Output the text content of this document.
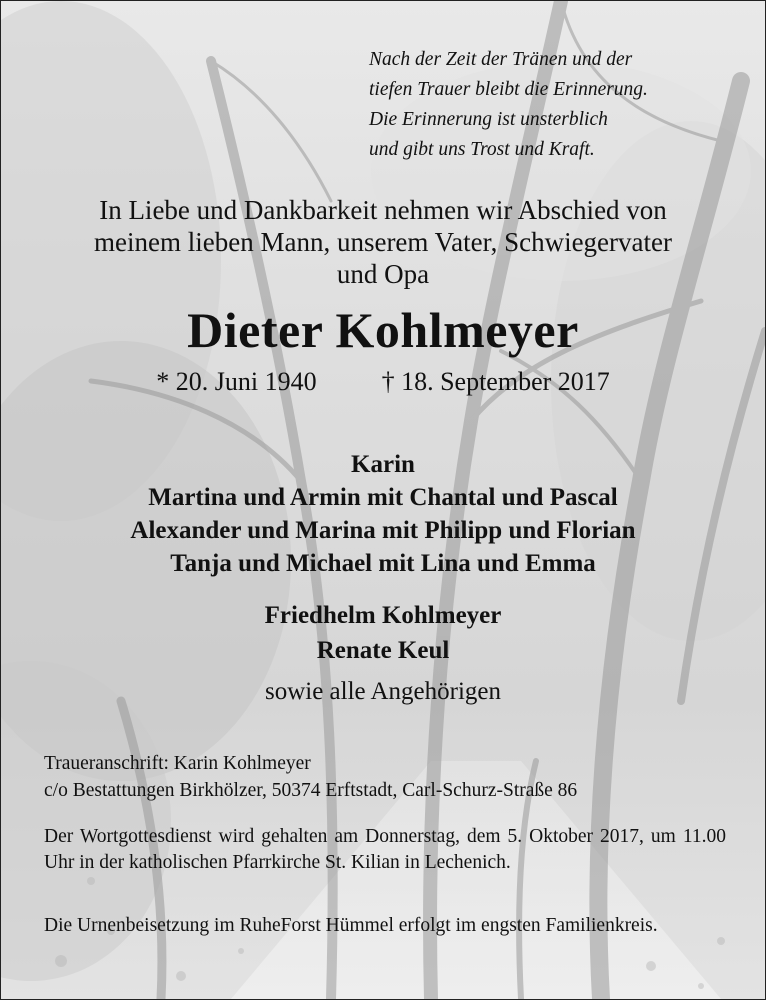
Nach der Zeit der Tränen und der
tiefen Trauer bleibt die Erinnerung.
Die Erinnerung ist unsterblich
und gibt uns Trost und Kraft.
In Liebe und Dankbarkeit nehmen wir Abschied von
meinem lieben Mann, unserem Vater, Schwiegervater
und Opa
Dieter Kohlmeyer
* 20. Juni 1940	† 18. September 2017
Karin
Martina und Armin mit Chantal und Pascal
Alexander und Marina mit Philipp und Florian
Tanja und Michael mit Lina und Emma
Friedhelm Kohlmeyer
Renate Keul
sowie alle Angehörigen
Traueranschrift: Karin Kohlmeyer
c/o Bestattungen Birkhölzer, 50374 Erftstadt, Carl-Schurz-Straße 86
Der Wortgottesdienst wird gehalten am Donnerstag, dem 5. Oktober 2017, um 11.00 Uhr in der katholischen Pfarrkirche St. Kilian in Lechenich.
Die Urnenbeisetzung im RuheForst Hümmel erfolgt im engsten Familienkreis.
